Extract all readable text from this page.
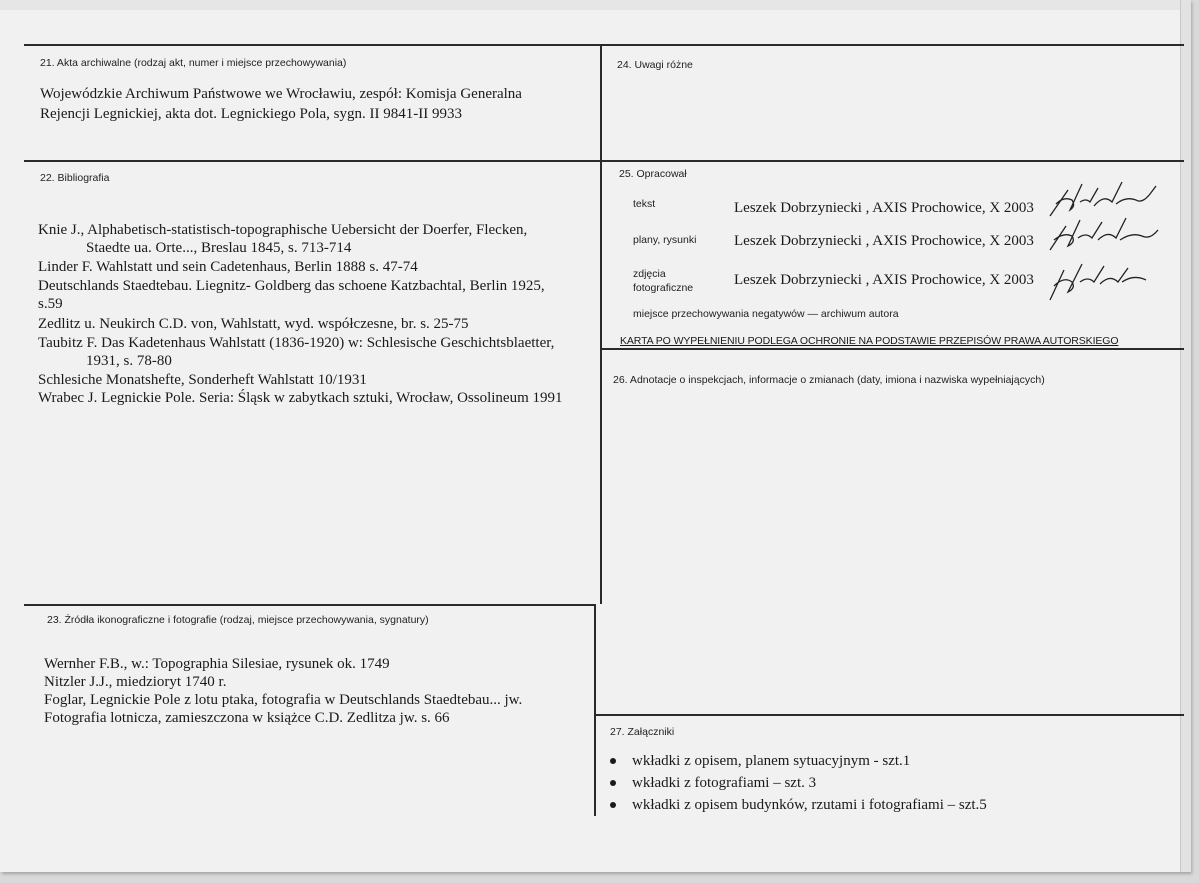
21. Akta archiwalne (rodzaj akt, numer i miejsce przechowywania)
Wojewódzkie Archiwum Państwowe we Wrocławiu, zespół: Komisja Generalna
Rejencji Legnickiej, akta dot. Legnickiego Pola, sygn. II 9841-II 9933
24. Uwagi różne
22. Bibliografia
Knie J., Alphabetisch-statistisch-topographische Uebersicht der Doerfer, Flecken,
Staedte ua. Orte..., Breslau 1845, s. 713-714
Linder F. Wahlstatt und sein Cadetenhaus, Berlin 1888 s. 47-74
Deutschlands Staedtebau. Liegnitz- Goldberg das schoene Katzbachtal, Berlin 1925,
s.59
Zedlitz u. Neukirch C.D. von, Wahlstatt, wyd. współczesne, br. s. 25-75
Taubitz F. Das Kadetenhaus Wahlstatt (1836-1920) w: Schlesische Geschichtsblaetter,
1931, s. 78-80
Schlesiche Monatshefte, Sonderheft Wahlstatt 10/1931
Wrabec J. Legnickie Pole. Seria: Śląsk w zabytkach sztuki, Wrocław, Ossolineum 1991
25. Opracował
tekst	Leszek Dobrzyniecki , AXIS Prochowice, X 2003
plany, rysunki	Leszek Dobrzyniecki , AXIS Prochowice, X 2003
zdjęcia
fotograficzne	Leszek Dobrzyniecki , AXIS Prochowice, X 2003
miejsce przechowywania negatywów — archiwum autora
KARTA PO WYPEŁNIENIU PODLEGA OCHRONIE NA PODSTAWIE PRZEPISÓW PRAWA AUTORSKIEGO
26. Adnotacje o inspekcjach, informacje o zmianach (daty, imiona i nazwiska wypełniających)
23. Źródła ikonograficzne i fotografie (rodzaj, miejsce przechowywania, sygnatury)
Wernher F.B., w.: Topographia Silesiae, rysunek ok. 1749
Nitzler J.J., miedzioryt 1740 r.
Foglar, Legnickie Pole z lotu ptaka, fotografia w Deutschlands Staedtebau... jw.
Fotografia lotnicza, zamieszczona w książce C.D. Zedlitza jw. s. 66
27. Załączniki
wkładki z opisem, planem sytuacyjnym - szt.1
wkładki z fotografiami – szt. 3
wkładki z opisem budynków, rzutami i fotografiami – szt.5
